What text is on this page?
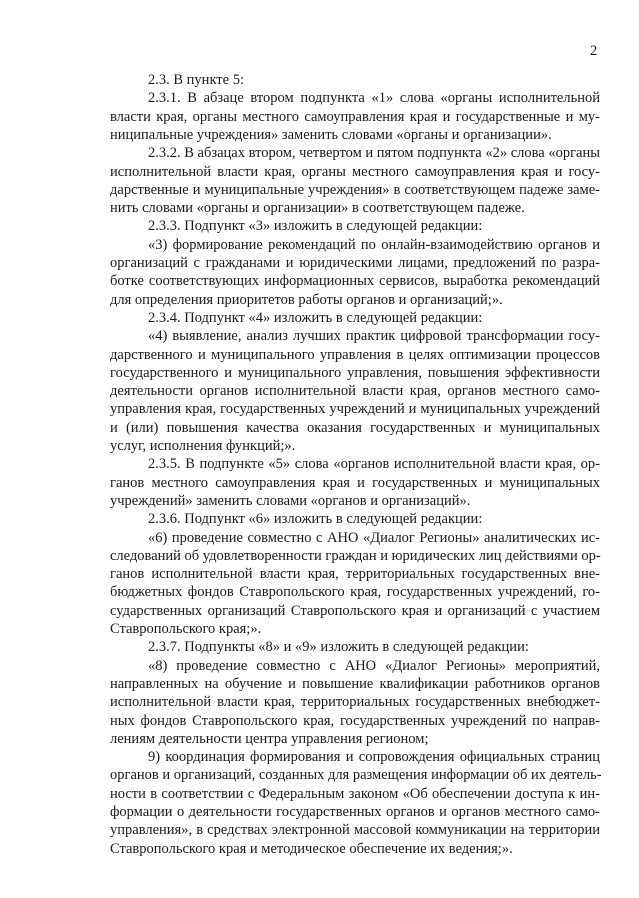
2
2.3. В пункте 5:
2.3.1. В абзаце втором подпункта «1» слова «органы исполнительной
власти края, органы местного самоуправления края и государственные и му-
ниципальные учреждения» заменить словами «органы и организации».
2.3.2. В абзацах втором, четвертом и пятом подпункта «2» слова «органы
исполнительной власти края, органы местного самоуправления края и госу-
дарственные и муниципальные учреждения» в соответствующем падеже заме-
нить словами «органы и организации» в соответствующем падеже.
2.3.3. Подпункт «3» изложить в следующей редакции:
«3) формирование рекомендаций по онлайн-взаимодействию органов и
организаций с гражданами и юридическими лицами, предложений по разра-
ботке соответствующих информационных сервисов, выработка рекомендаций
для определения приоритетов работы органов и организаций;».
2.3.4. Подпункт «4» изложить в следующей редакции:
«4) выявление, анализ лучших практик цифровой трансформации госу-
дарственного и муниципального управления в целях оптимизации процессов
государственного и муниципального управления, повышения эффективности
деятельности органов исполнительной власти края, органов местного само-
управления края, государственных учреждений и муниципальных учреждений
и (или) повышения качества оказания государственных и муниципальных
услуг, исполнения функций;».
2.3.5. В подпункте «5» слова «органов исполнительной власти края, ор-
ганов местного самоуправления края и государственных и муниципальных
учреждений» заменить словами «органов и организаций».
2.3.6. Подпункт «6» изложить в следующей редакции:
«6) проведение совместно с АНО «Диалог Регионы» аналитических ис-
следований об удовлетворенности граждан и юридических лиц действиями ор-
ганов исполнительной власти края, территориальных государственных вне-
бюджетных фондов Ставропольского края, государственных учреждений, го-
сударственных организаций Ставропольского края и организаций с участием
Ставропольского края;».
2.3.7. Подпункты «8» и «9» изложить в следующей редакции:
«8) проведение совместно с АНО «Диалог Регионы» мероприятий,
направленных на обучение и повышение квалификации работников органов
исполнительной власти края, территориальных государственных внебюджет-
ных фондов Ставропольского края, государственных учреждений по направ-
лениям деятельности центра управления регионом;
9) координация формирования и сопровождения официальных страниц
органов и организаций, созданных для размещения информации об их деятель-
ности в соответствии с Федеральным законом «Об обеспечении доступа к ин-
формации о деятельности государственных органов и органов местного само-
управления», в средствах электронной массовой коммуникации на территории
Ставропольского края и методическое обеспечение их ведения;».
